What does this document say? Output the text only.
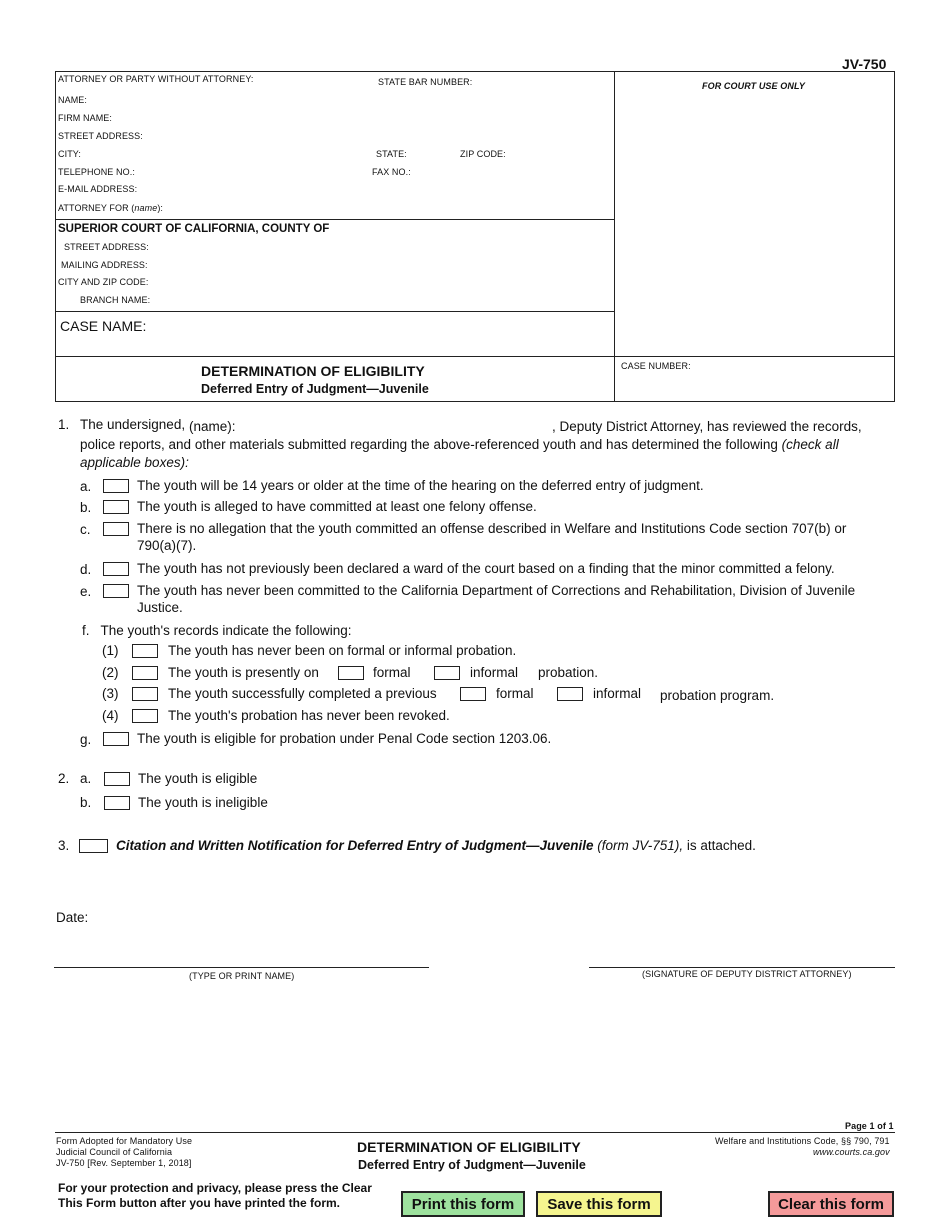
JV-750
ATTORNEY OR PARTY WITHOUT ATTORNEY:	STATE BAR NUMBER:	FOR COURT USE ONLY
NAME:
FIRM NAME:
STREET ADDRESS:
CITY:	STATE:	ZIP CODE:
TELEPHONE NO.:	FAX NO.:
E-MAIL ADDRESS:
ATTORNEY FOR (name):
SUPERIOR COURT OF CALIFORNIA, COUNTY OF
STREET ADDRESS:
MAILING ADDRESS:
CITY AND ZIP CODE:
BRANCH NAME:
CASE NAME:
DETERMINATION OF ELIGIBILITY
Deferred Entry of Judgment—Juvenile
CASE NUMBER:
1. The undersigned, (name):	, Deputy District Attorney, has reviewed the records,
police reports, and other materials submitted regarding the above-referenced youth and has determined the following (check all
applicable boxes):
a.	The youth will be 14 years or older at the time of the hearing on the deferred entry of judgment.
b.	The youth is alleged to have committed at least one felony offense.
c.	There is no allegation that the youth committed an offense described in Welfare and Institutions Code section 707(b) or
790(a)(7).
d.	The youth has not previously been declared a ward of the court based on a finding that the minor committed a felony.
e.	The youth has never been committed to the California Department of Corrections and Rehabilitation, Division of Juvenile
Justice.
f.   The youth's records indicate the following:
(1)	The youth has never been on formal or informal probation.
(2)	The youth is presently on	formal	informal probation.
(3)	The youth successfully completed a previous	formal	informal probation program.
(4)	The youth's probation has never been revoked.
g.	The youth is eligible for probation under Penal Code section 1203.06.
2. a.	The youth is eligible
b.	The youth is ineligible
3.	Citation and Written Notification for Deferred Entry of Judgment—Juvenile (form JV-751), is attached.
Date:
(TYPE OR PRINT NAME)	(SIGNATURE OF DEPUTY DISTRICT ATTORNEY)
Page 1 of 1
Form Adopted for Mandatory Use
Judicial Council of California
JV-750 [Rev. September 1, 2018]
DETERMINATION OF ELIGIBILITY
Deferred Entry of Judgment—Juvenile
Welfare and Institutions Code, §§ 790, 791
www.courts.ca.gov
For your protection and privacy, please press the Clear
This Form button after you have printed the form.	Print this form	Save this form	Clear this form
